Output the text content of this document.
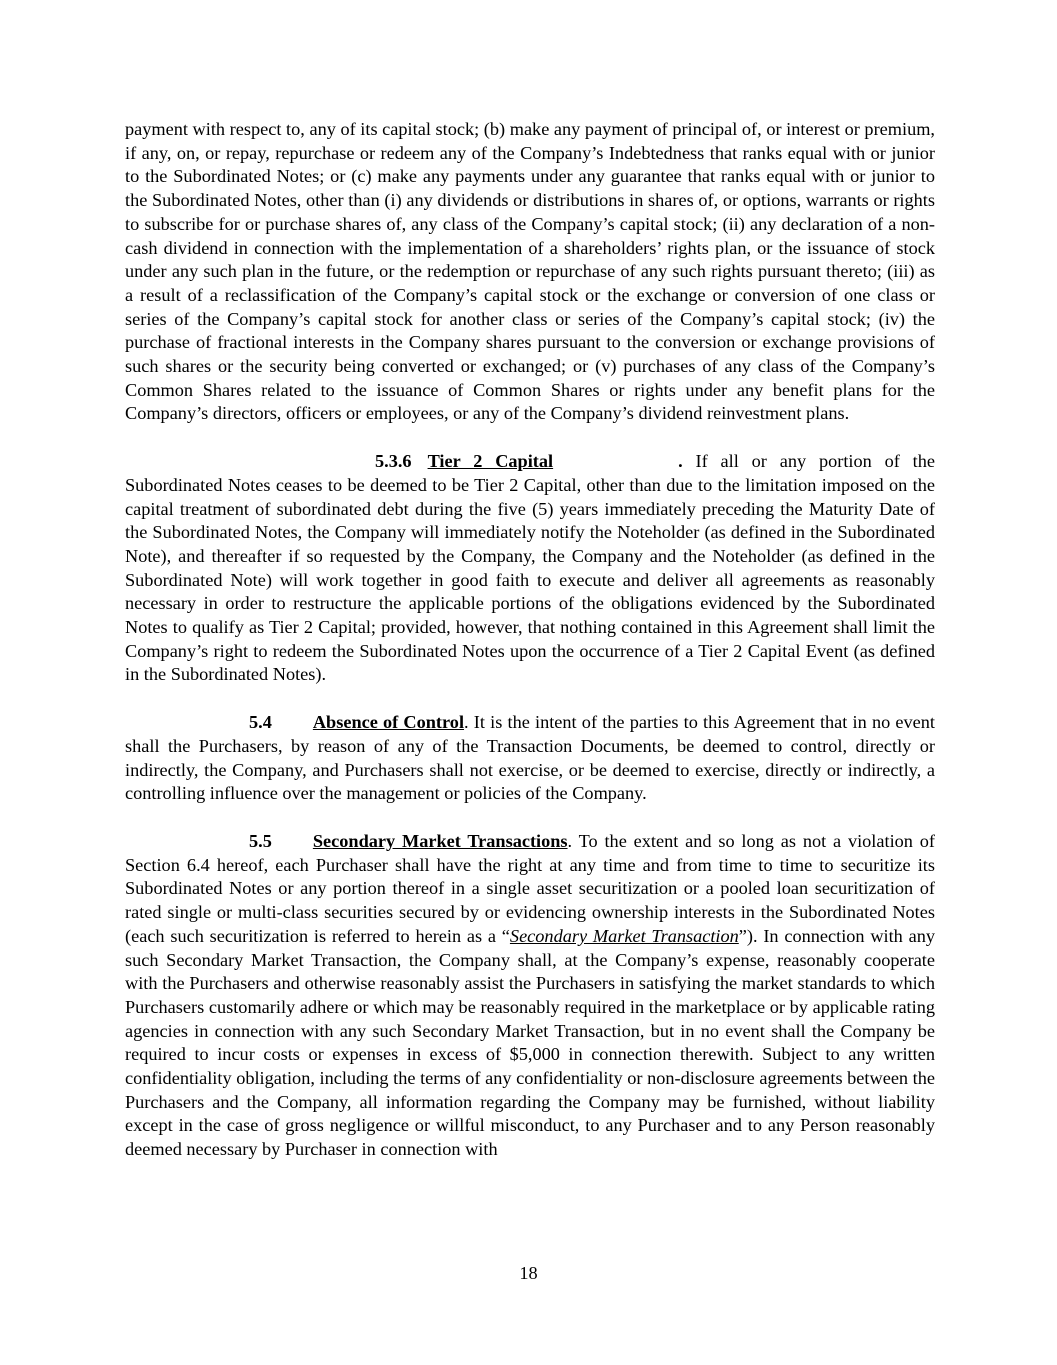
payment with respect to, any of its capital stock; (b) make any payment of principal of, or interest or premium, if any, on, or repay, repurchase or redeem any of the Company’s Indebtedness that ranks equal with or junior to the Subordinated Notes; or (c) make any payments under any guarantee that ranks equal with or junior to the Subordinated Notes, other than (i) any dividends or distributions in shares of, or options, warrants or rights to subscribe for or purchase shares of, any class of the Company’s capital stock; (ii) any declaration of a non-cash dividend in connection with the implementation of a shareholders’ rights plan, or the issuance of stock under any such plan in the future, or the redemption or repurchase of any such rights pursuant thereto; (iii) as a result of a reclassification of the Company’s capital stock or the exchange or conversion of one class or series of the Company’s capital stock for another class or series of the Company’s capital stock; (iv) the purchase of fractional interests in the Company shares pursuant to the conversion or exchange provisions of such shares or the security being converted or exchanged; or (v) purchases of any class of the Company’s Common Shares related to the issuance of Common Shares or rights under any benefit plans for the Company’s directors, officers or employees, or any of the Company’s dividend reinvestment plans.

5.3.6 Tier 2 Capital	. If all or any portion of the Subordinated Notes ceases to be deemed to be Tier 2 Capital, other than due to the limitation imposed on the capital treatment of subordinated debt during the five (5) years immediately preceding the Maturity Date of the Subordinated Notes, the Company will immediately notify the Noteholder (as defined in the Subordinated Note), and thereafter if so requested by the Company, the Company and the Noteholder (as defined in the Subordinated Note) will work together in good faith to execute and deliver all agreements as reasonably necessary in order to restructure the applicable portions of the obligations evidenced by the Subordinated Notes to qualify as Tier 2 Capital; provided, however, that nothing contained in this Agreement shall limit the Company’s right to redeem the Subordinated Notes upon the occurrence of a Tier 2 Capital Event (as defined in the Subordinated Notes).

5.4 Absence of Control. It is the intent of the parties to this Agreement that in no event shall the Purchasers, by reason of any of the Transaction Documents, be deemed to control, directly or indirectly, the Company, and Purchasers shall not exercise, or be deemed to exercise, directly or indirectly, a controlling influence over the management or policies of the Company.

5.5 Secondary Market Transactions. To the extent and so long as not a violation of Section 6.4 hereof, each Purchaser shall have the right at any time and from time to time to securitize its Subordinated Notes or any portion thereof in a single asset securitization or a pooled loan securitization of rated single or multi-class securities secured by or evidencing ownership interests in the Subordinated Notes (each such securitization is referred to herein as a “Secondary Market Transaction”). In connection with any such Secondary Market Transaction, the Company shall, at the Company’s expense, reasonably cooperate with the Purchasers and otherwise reasonably assist the Purchasers in satisfying the market standards to which Purchasers customarily adhere or which may be reasonably required in the marketplace or by applicable rating agencies in connection with any such Secondary Market Transaction, but in no event shall the Company be required to incur costs or expenses in excess of $5,000 in connection therewith. Subject to any written confidentiality obligation, including the terms of any confidentiality or non-disclosure agreements between the Purchasers and the Company, all information regarding the Company may be furnished, without liability except in the case of gross negligence or willful misconduct, to any Purchaser and to any Person reasonably deemed necessary by Purchaser in connection with

18
